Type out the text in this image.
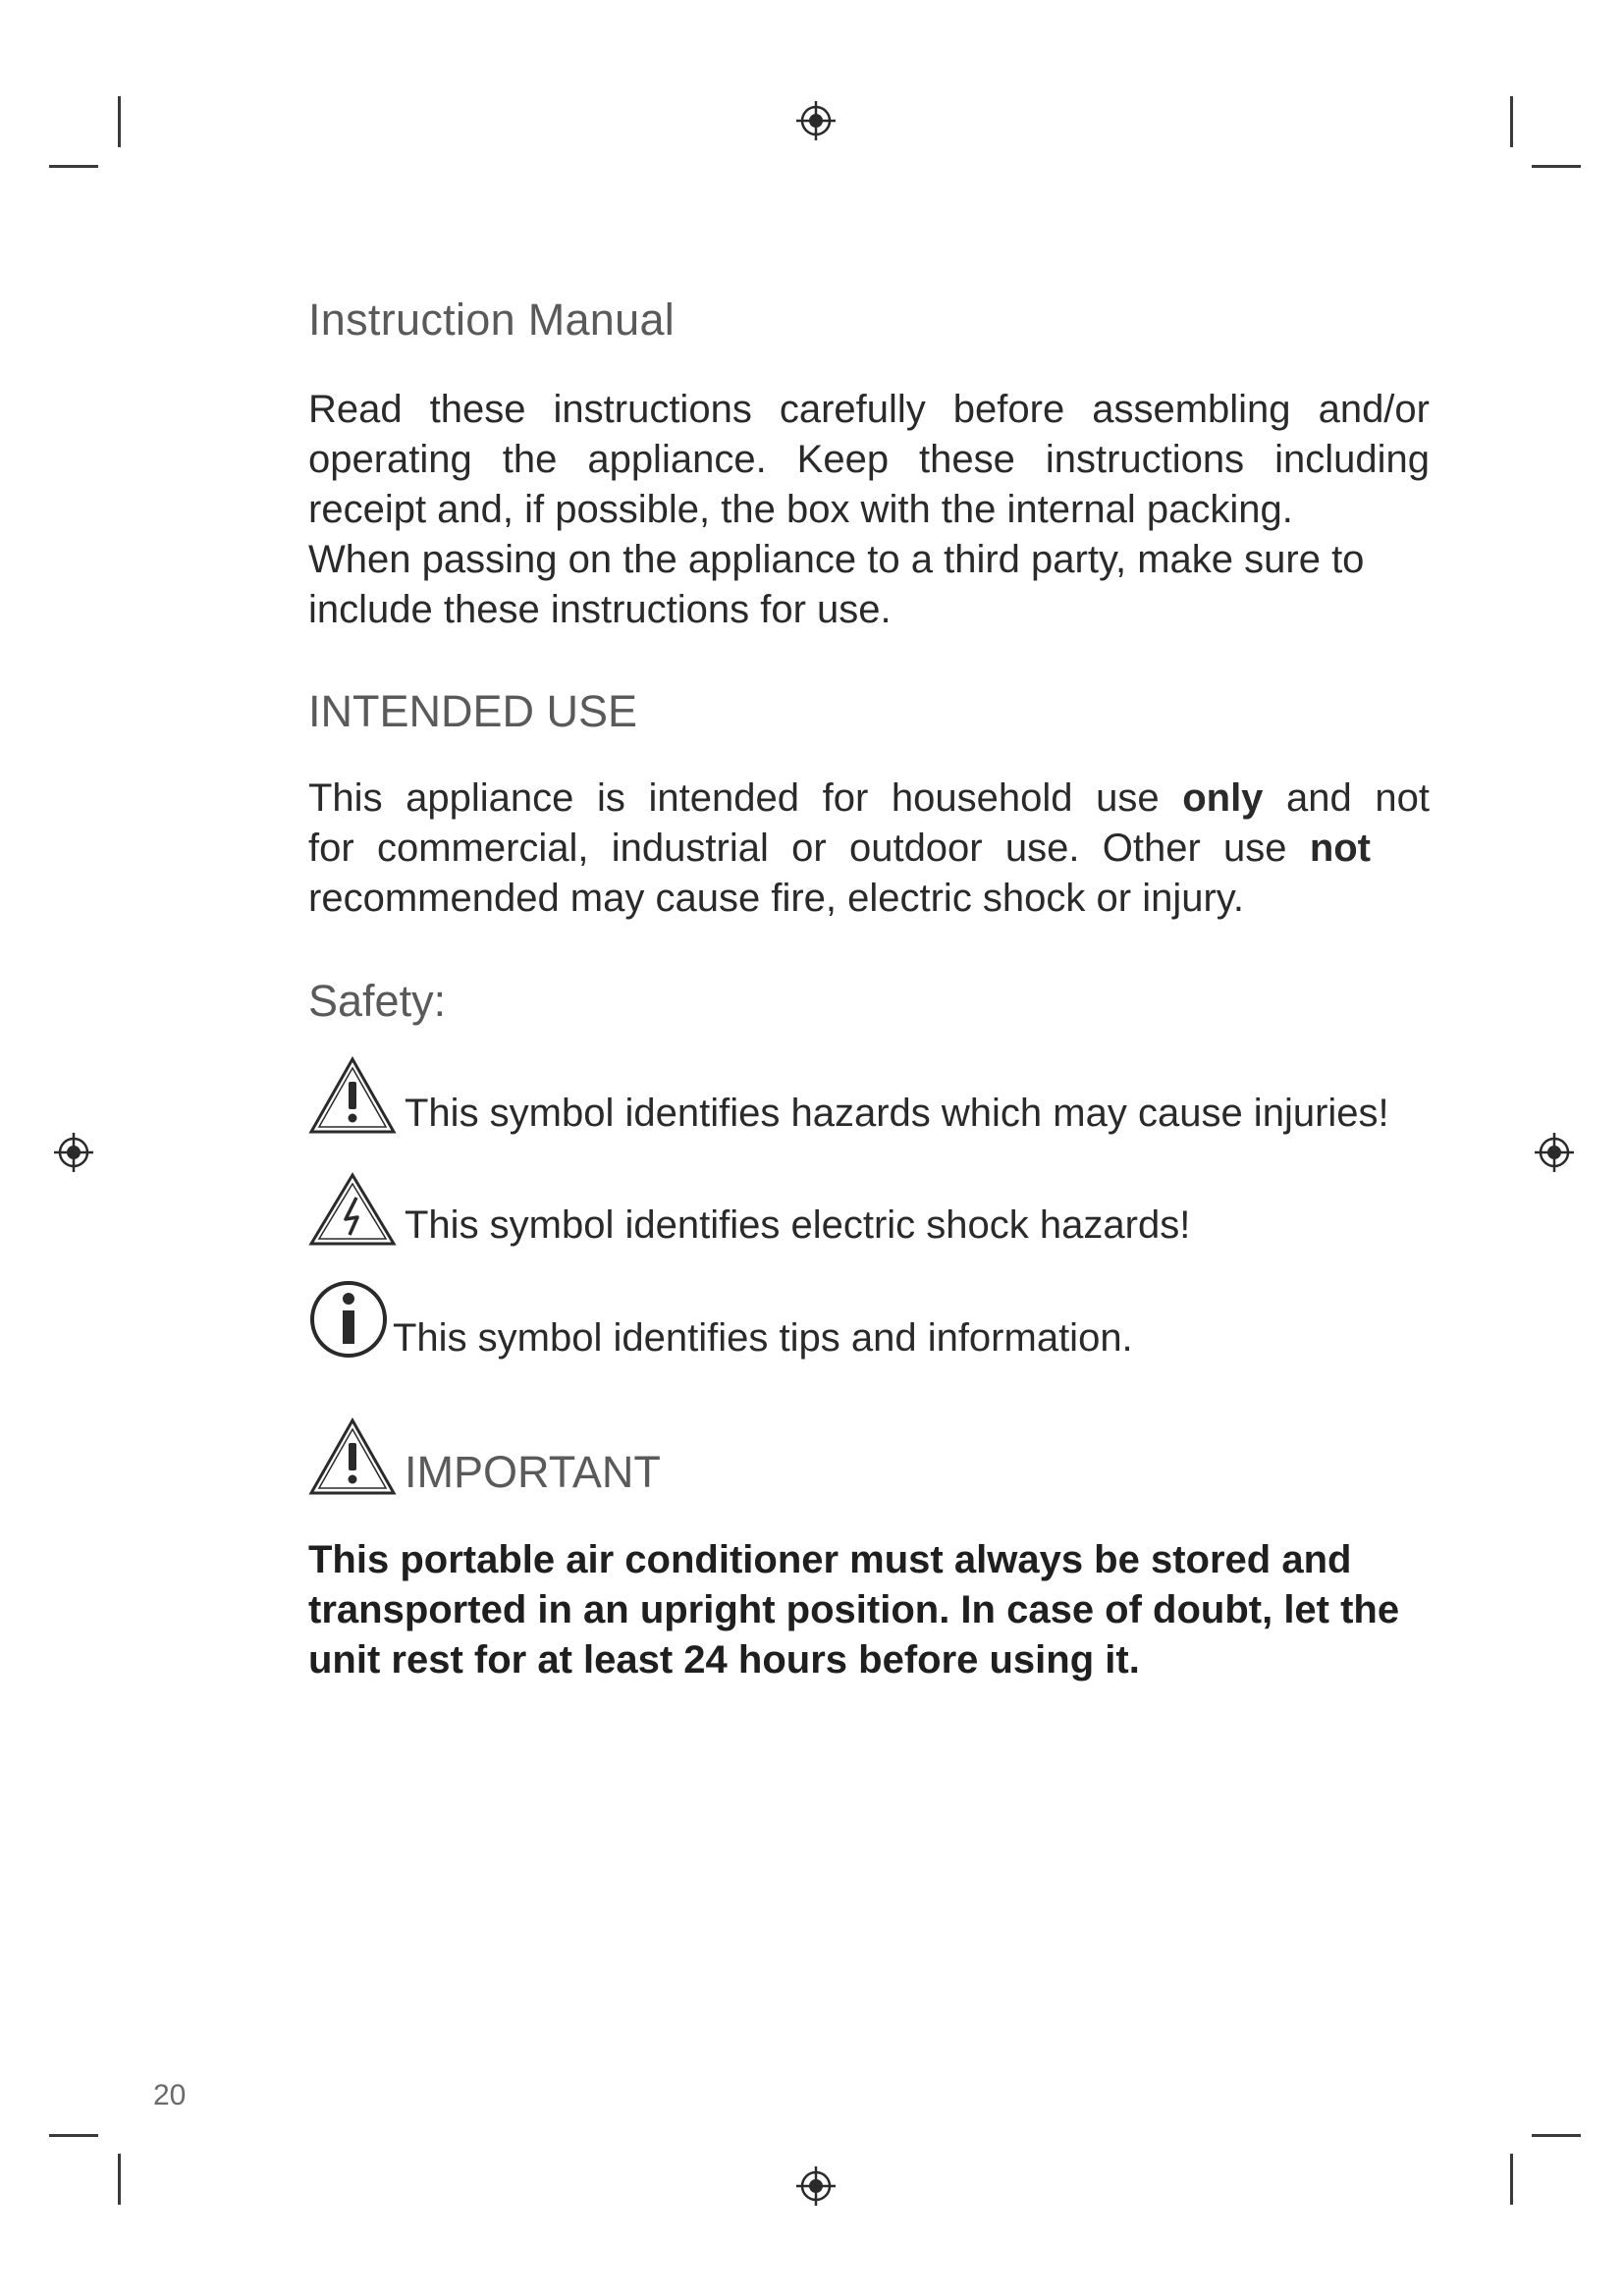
Instruction Manual
Read these instructions carefully before assembling and/or
operating the appliance. Keep these instructions including
receipt and, if possible, the box with the internal packing.
When passing on the appliance to a third party, make sure to
include these instructions for use.
INTENDED USE
This appliance is intended for household use only and not
for commercial, industrial or outdoor use. Other use not
recommended may cause fire, electric shock or injury.
Safety:
This symbol identifies hazards which may cause injuries!
This symbol identifies electric shock hazards!
This symbol identifies tips and information.
IMPORTANT

This portable air conditioner must always be stored and transported in an upright position. In case of doubt, let the unit rest for at least 24 hours before using it.

20
